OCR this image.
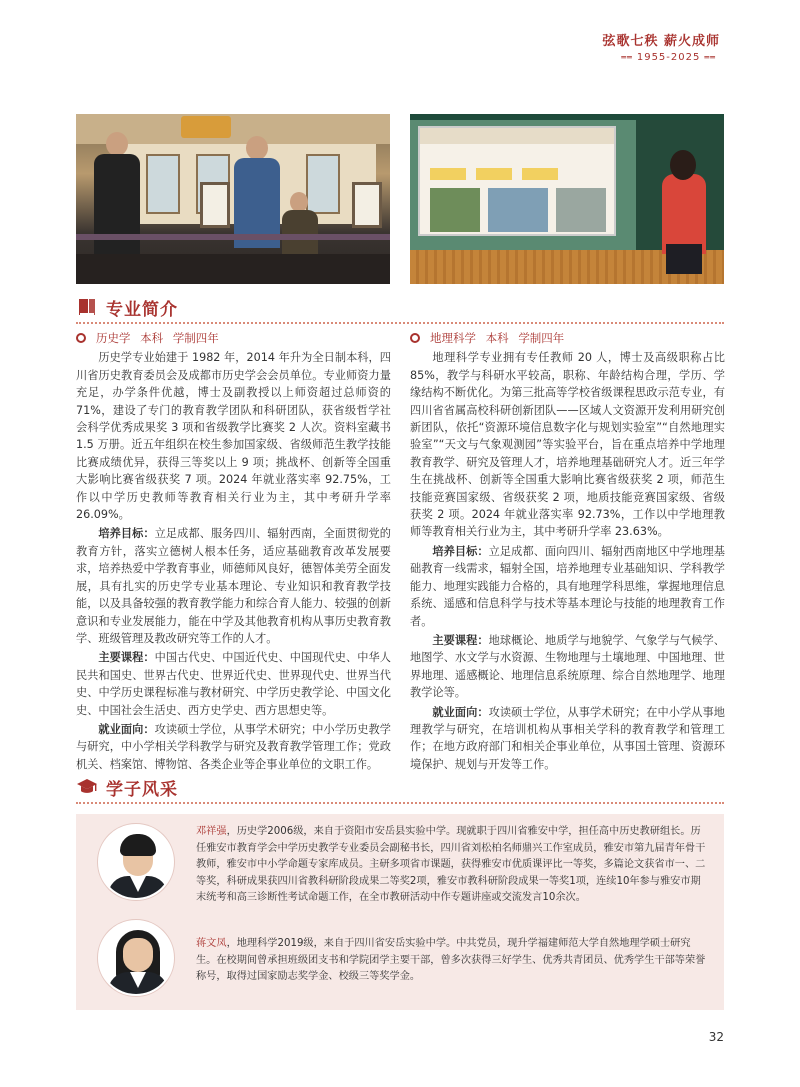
弦歌七秩 薪火成师
══ 1955-2025 ══
专业简介
历史学 本科 学制四年

历史学专业始建于 1982 年，2014 年升为全日制本科，四川省历史教育委员会及成都市历史学会会员单位。专业师资力量充足，办学条件优越，博士及副教授以上师资超过总师资的 71%，建设了专门的教育教学团队和科研团队，获省级哲学社会科学优秀成果奖 3 项和省级教学比赛奖 2 人次。资料室藏书 1.5 万册。近五年组织在校生参加国家级、省级师范生教学技能比赛成绩优异，获得三等奖以上 9 项；挑战杯、创新等全国重大影响比赛省级获奖 7 项。2024 年就业落实率 92.75%，工作以中学历史教师等教育相关行业为主，其中考研升学率 26.09%。

培养目标：立足成都、服务四川、辐射西南，全面贯彻党的教育方针，落实立德树人根本任务，适应基础教育改革发展要求，培养热爱中学教育事业，师德师风良好，德智体美劳全面发展，具有扎实的历史学专业基本理论、专业知识和教育教学技能，以及具备较强的教育教学能力和综合育人能力、较强的创新意识和专业发展能力，能在中学及其他教育机构从事历史教育教学、班级管理及教改研究等工作的人才。

主要课程：中国古代史、中国近代史、中国现代史、中华人民共和国史、世界古代史、世界近代史、世界现代史、世界当代史、中学历史课程标准与教材研究、中学历史教学论、中国文化史、中国社会生活史、西方史学史、西方思想史等。

就业面向：攻读硕士学位，从事学术研究；中小学历史教学与研究，中小学相关学科教学与研究及教育教学管理工作；党政机关、档案馆、博物馆、各类企业等企事业单位的文职工作。

地理科学 本科 学制四年

地理科学专业拥有专任教师 20 人，博士及高级职称占比 85%，教学与科研水平较高，职称、年龄结构合理，学历、学缘结构不断优化。为第三批高等学校省级课程思政示范专业，有四川省省属高校科研创新团队——区域人文资源开发利用研究创新团队，依托“资源环境信息数字化与规划实验室”“自然地理实验室”“天文与气象观测园”等实验平台，旨在重点培养中学地理教育教学、研究及管理人才，培养地理基础研究人才。近三年学生在挑战杯、创新等全国重大影响比赛省级获奖 2 项，师范生技能竞赛国家级、省级获奖 2 项，地质技能竞赛国家级、省级获奖 2 项。2024 年就业落实率 92.73%，工作以中学地理教师等教育相关行业为主，其中考研升学率 23.63%。

培养目标：立足成都、面向四川、辐射西南地区中学地理基础教育一线需求，辐射全国，培养地理专业基础知识、学科教学能力、地理实践能力合格的，具有地理学科思维，掌握地理信息系统、遥感和信息科学与技术等基本理论与技能的地理教育工作者。

主要课程：地球概论、地质学与地貌学、气象学与气候学、地图学、水文学与水资源、生物地理与土壤地理、中国地理、世界地理、遥感概论、地理信息系统原理、综合自然地理学、地理教学论等。

就业面向：攻读硕士学位，从事学术研究；在中小学从事地理教学与研究，在培训机构从事相关学科的教育教学和管理工作；在地方政府部门和相关企事业单位，从事国土管理、资源环境保护、规划与开发等工作。

学子风采

邓祥强，历史学2006级，来自于资阳市安岳县实验中学。现就职于四川省雅安中学，担任高中历史教研组长。历任雅安市教育学会中学历史教学专业委员会副秘书长，四川省刘松柏名师鼎兴工作室成员，雅安市第九届青年骨干教师，雅安市中小学命题专家库成员。主研多项省市课题，获得雅安市优质课评比一等奖，多篇论文获省市一、二等奖，科研成果获四川省教科研阶段成果二等奖2项，雅安市教科研阶段成果一等奖1项，连续10年参与雅安市期末统考和高三诊断性考试命题工作，在全市教研活动中作专题讲座或交流发言10余次。

蒋文凤，地理科学2019级，来自于四川省安岳实验中学。中共党员，现升学福建师范大学自然地理学硕士研究生。在校期间曾承担班级团支书和学院团学主要干部，曾多次获得三好学生、优秀共青团员、优秀学生干部等荣誉称号，取得过国家励志奖学金、校级三等奖学金。

32
